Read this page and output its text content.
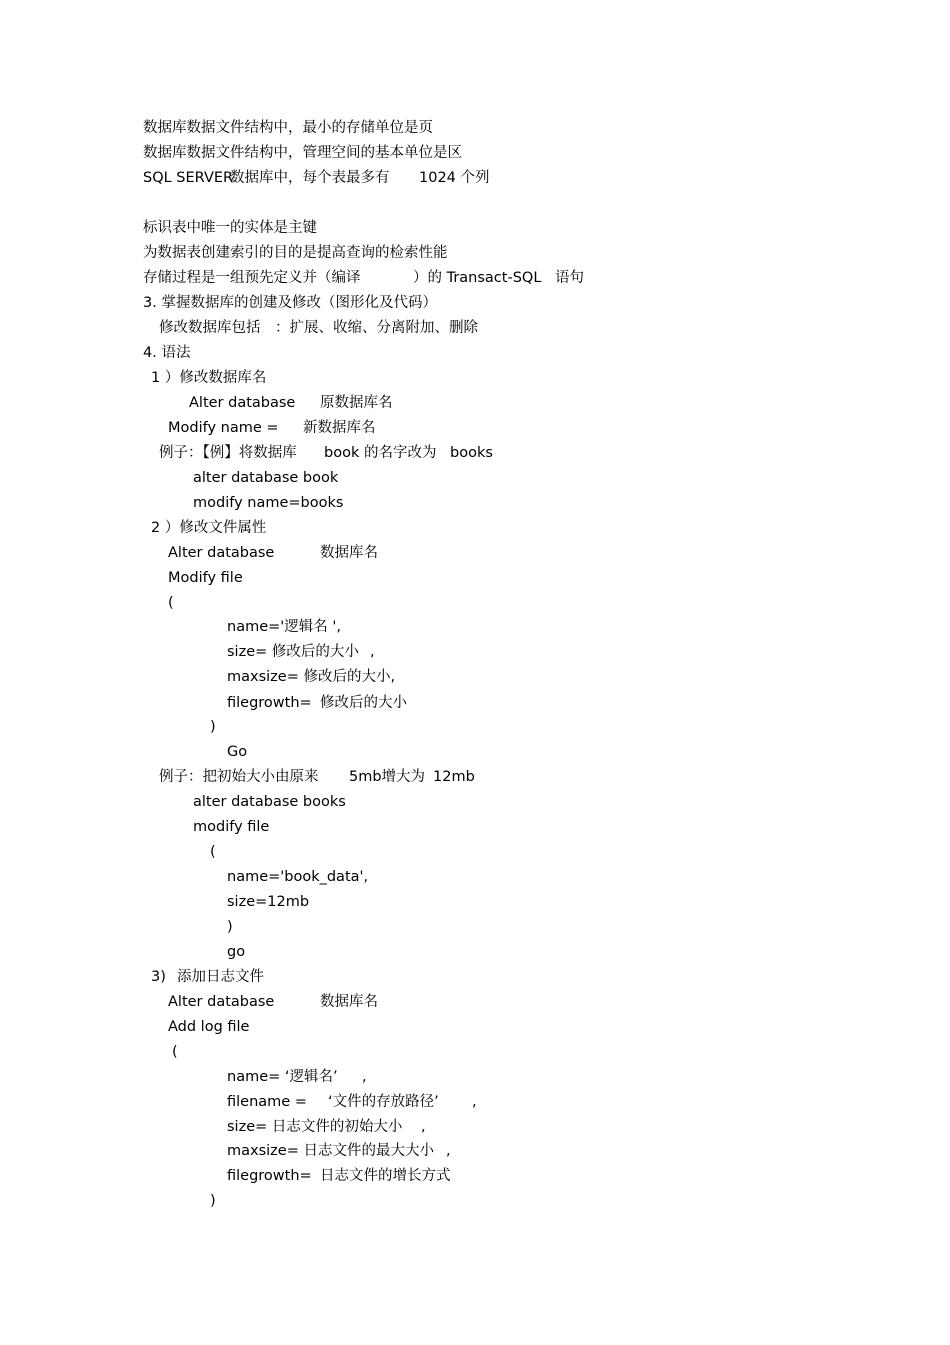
数据库数据文件结构中，最小的存储单位是页

数据库数据文件结构中，管理空间的基本单位是区

SQL SERVER

数据库中，每个表最多有

1024 个列

标识表中唯一的实体是主键

为数据表创建索引的目的是提高查询的检索性能

存储过程是一组预先定义并（编译

	）的 Transact-SQL

语句

3. 掌握数据库的创建及修改（图形化及代码）

修改数据库包括

：扩展、收缩、分离附加、删除

4. 语法

1 ）修改数据库名

Alter database

原数据库名

Modify name =

新数据库名

例子：【例】将数据库

book 的名字改为

books

alter database book

modify name=books

2 ）修改文件属性

Alter database

	数据库名

Modify file

(

name='逻辑名 ',

size= 修改后的大小

,

maxsize= 修改后的大小,

filegrowth=

修改后的大小

)

Go

例子：把初始大小由原来

5mb增大为

12mb

alter database books

modify file

(

name='book_data',

size=12mb

)

go

3)

添加日志文件

Alter database

	数据库名

Add log file

(

name= ‘逻辑名’

,

filename =

‘文件的存放路径’

,

size= 日志文件的初始大小

,

maxsize= 日志文件的最大大小

,

filegrowth=

日志文件的增长方式

)
